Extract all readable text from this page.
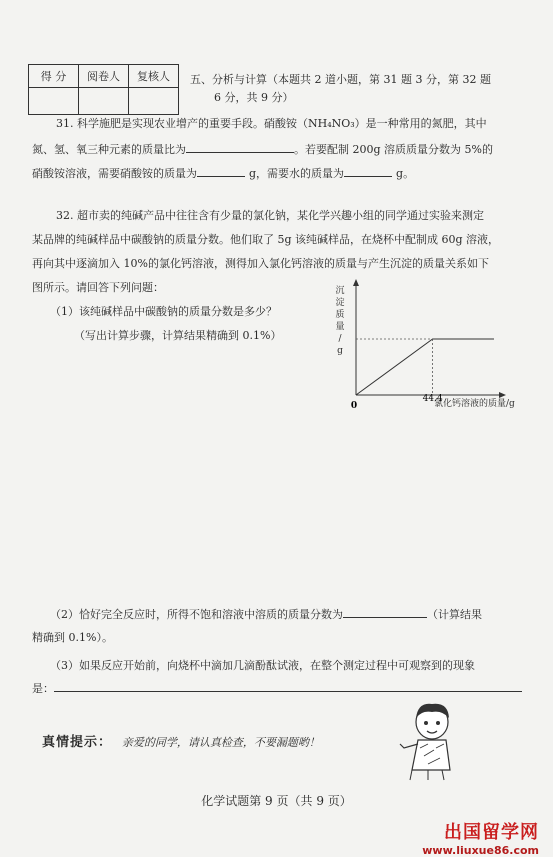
得 分	阅卷人	复核人
		五、分析与计算（本题共 2 道小题，第 31 题 3 分，第 32 题
6 分，共 9 分）
31. 科学施肥是实现农业增产的重要手段。硝酸铵（NH₄NO₃）是一种常用的氮肥，其中
氮、氢、氧三种元素的质量比为	。若要配制 200g 溶质质量分数为 5%的
硝酸铵溶液，需要硝酸铵的质量为	g，需要水的质量为	g。
32. 超市卖的纯碱产品中往往含有少量的氯化钠，某化学兴趣小组的同学通过实验来测定
某品牌的纯碱样品中碳酸钠的质量分数。他们取了 5g 该纯碱样品，在烧杯中配制成 60g 溶液，
再向其中逐滴加入 10%的氯化钙溶液，测得加入氯化钙溶液的质量与产生沉淀的质量关系如下
图所示。请回答下列问题：
（1）该纯碱样品中碳酸钠的质量分数是多少？
（写出计算步骤，计算结果精确到 0.1%）
沉淀质量/ g
0
44.4
氯化钙溶液的质量/g
（2）恰好完全反应时，所得不饱和溶液中溶质的质量分数为	（计算结果
精确到 0.1%）。
（3）如果反应开始前，向烧杯中滴加几滴酚酞试液，在整个测定过程中可观察到的现象
是：
真情提示： 亲爱的同学，请认真检查，不要漏题哟！
化学试题第 9 页（共 9 页）
出国留学网
www.liuxue86.com
